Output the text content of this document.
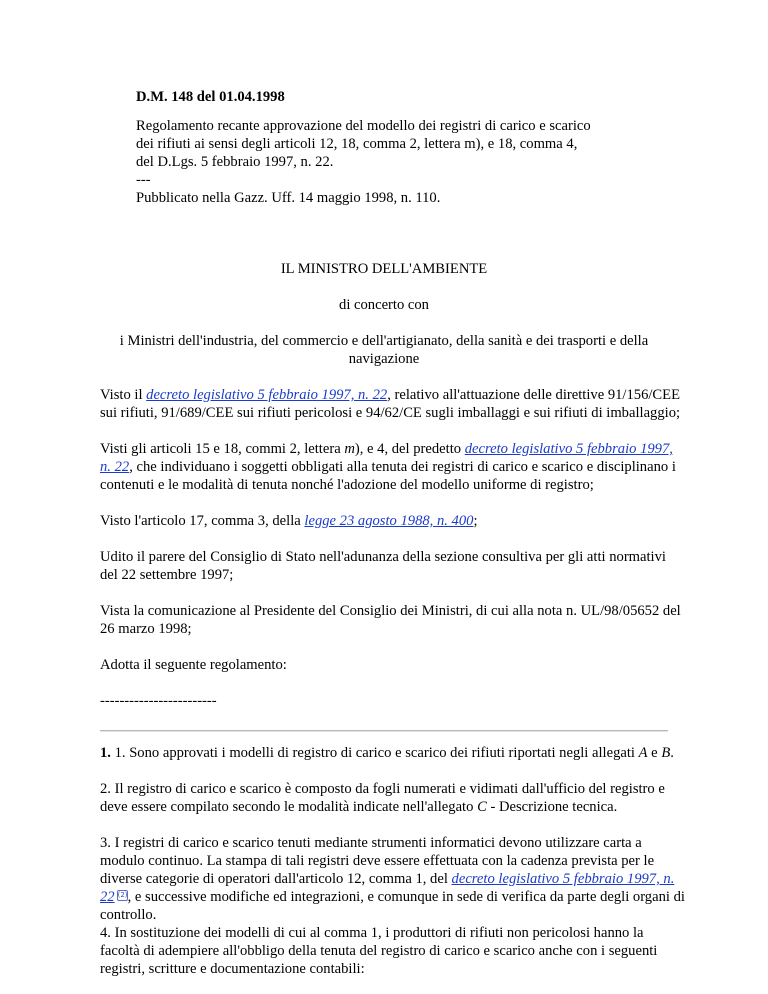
D.M. 148 del 01.04.1998
Regolamento recante approvazione del modello dei registri di carico e scarico
dei rifiuti ai sensi degli articoli 12, 18, comma 2, lettera m), e 18, comma 4,
del D.Lgs. 5 febbraio 1997, n. 22.
---
Pubblicato nella Gazz. Uff. 14 maggio 1998, n. 110.
IL MINISTRO DELL'AMBIENTE
di concerto con
i Ministri dell'industria, del commercio e dell'artigianato, della sanità e dei trasporti e della
navigazione
Visto il decreto legislativo 5 febbraio 1997, n. 22, relativo all'attuazione delle direttive 91/156/CEE
sui rifiuti, 91/689/CEE sui rifiuti pericolosi e 94/62/CE sugli imballaggi e sui rifiuti di imballaggio;
Visti gli articoli 15 e 18, commi 2, lettera m), e 4, del predetto decreto legislativo 5 febbraio 1997,
n. 22, che individuano i soggetti obbligati alla tenuta dei registri di carico e scarico e disciplinano i
contenuti e le modalità di tenuta nonché l'adozione del modello uniforme di registro;
Visto l'articolo 17, comma 3, della legge 23 agosto 1988, n. 400;
Udito il parere del Consiglio di Stato nell'adunanza della sezione consultiva per gli atti normativi
del 22 settembre 1997;
Vista la comunicazione al Presidente del Consiglio dei Ministri, di cui alla nota n. UL/98/05652 del
26 marzo 1998;
Adotta il seguente regolamento:
------------------------
1. 1. Sono approvati i modelli di registro di carico e scarico dei rifiuti riportati negli allegati A e B.
2. Il registro di carico e scarico è composto da fogli numerati e vidimati dall'ufficio del registro e
deve essere compilato secondo le modalità indicate nell'allegato C - Descrizione tecnica.
3. I registri di carico e scarico tenuti mediante strumenti informatici devono utilizzare carta a
modulo continuo. La stampa di tali registri deve essere effettuata con la cadenza prevista per le
diverse categorie di operatori dall'articolo 12, comma 1, del decreto legislativo 5 febbraio 1997, n.
22 (2), e successive modifiche ed integrazioni, e comunque in sede di verifica da parte degli organi di
controllo.
4. In sostituzione dei modelli di cui al comma 1, i produttori di rifiuti non pericolosi hanno la
facoltà di adempiere all'obbligo della tenuta del registro di carico e scarico anche con i seguenti
registri, scritture e documentazione contabili:
